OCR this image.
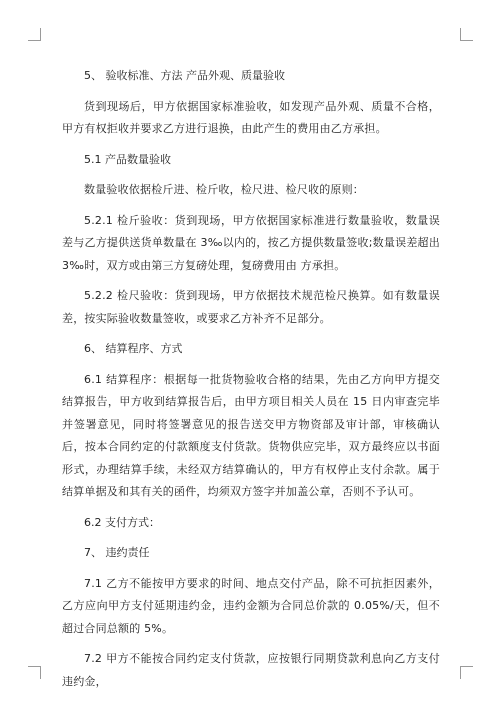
5、 验收标准、方法 产品外观、质量验收

货到现场后，甲方依据国家标准验收，如发现产品外观、质量不合格，甲方有权拒收并要求乙方进行退换，由此产生的费用由乙方承担。

5.1 产品数量验收

数量验收依据检斤进、检斤收，检尺进、检尺收的原则：

5.2.1 检斤验收：货到现场，甲方依据国家标准进行数量验收，数量误差与乙方提供送货单数量在 3‰以内的，按乙方提供数量签收;数量误差超出 3‰时，双方或由第三方复磅处理，复磅费用由 方承担。

5.2.2 检尺验收：货到现场，甲方依据技术规范检尺换算。如有数量误差，按实际验收数量签收，或要求乙方补齐不足部分。

6、 结算程序、方式

6.1 结算程序：根据每一批货物验收合格的结果，先由乙方向甲方提交结算报告，甲方收到结算报告后，由甲方项目相关人员在 15 日内审查完毕并签署意见，同时将签署意见的报告送交甲方物资部及审计部，审核确认后，按本合同约定的付款额度支付货款。货物供应完毕，双方最终应以书面形式，办理结算手续，未经双方结算确认的，甲方有权停止支付余款。属于结算单据及和其有关的函件，均须双方签字并加盖公章，否则不予认可。

6.2 支付方式：

7、 违约责任

7.1 乙方不能按甲方要求的时间、地点交付产品，除不可抗拒因素外，乙方应向甲方支付延期违约金，违约金额为合同总价款的 0.05%/天，但不超过合同总额的 5%。

7.2 甲方不能按合同约定支付货款，应按银行同期贷款利息向乙方支付违约金，
